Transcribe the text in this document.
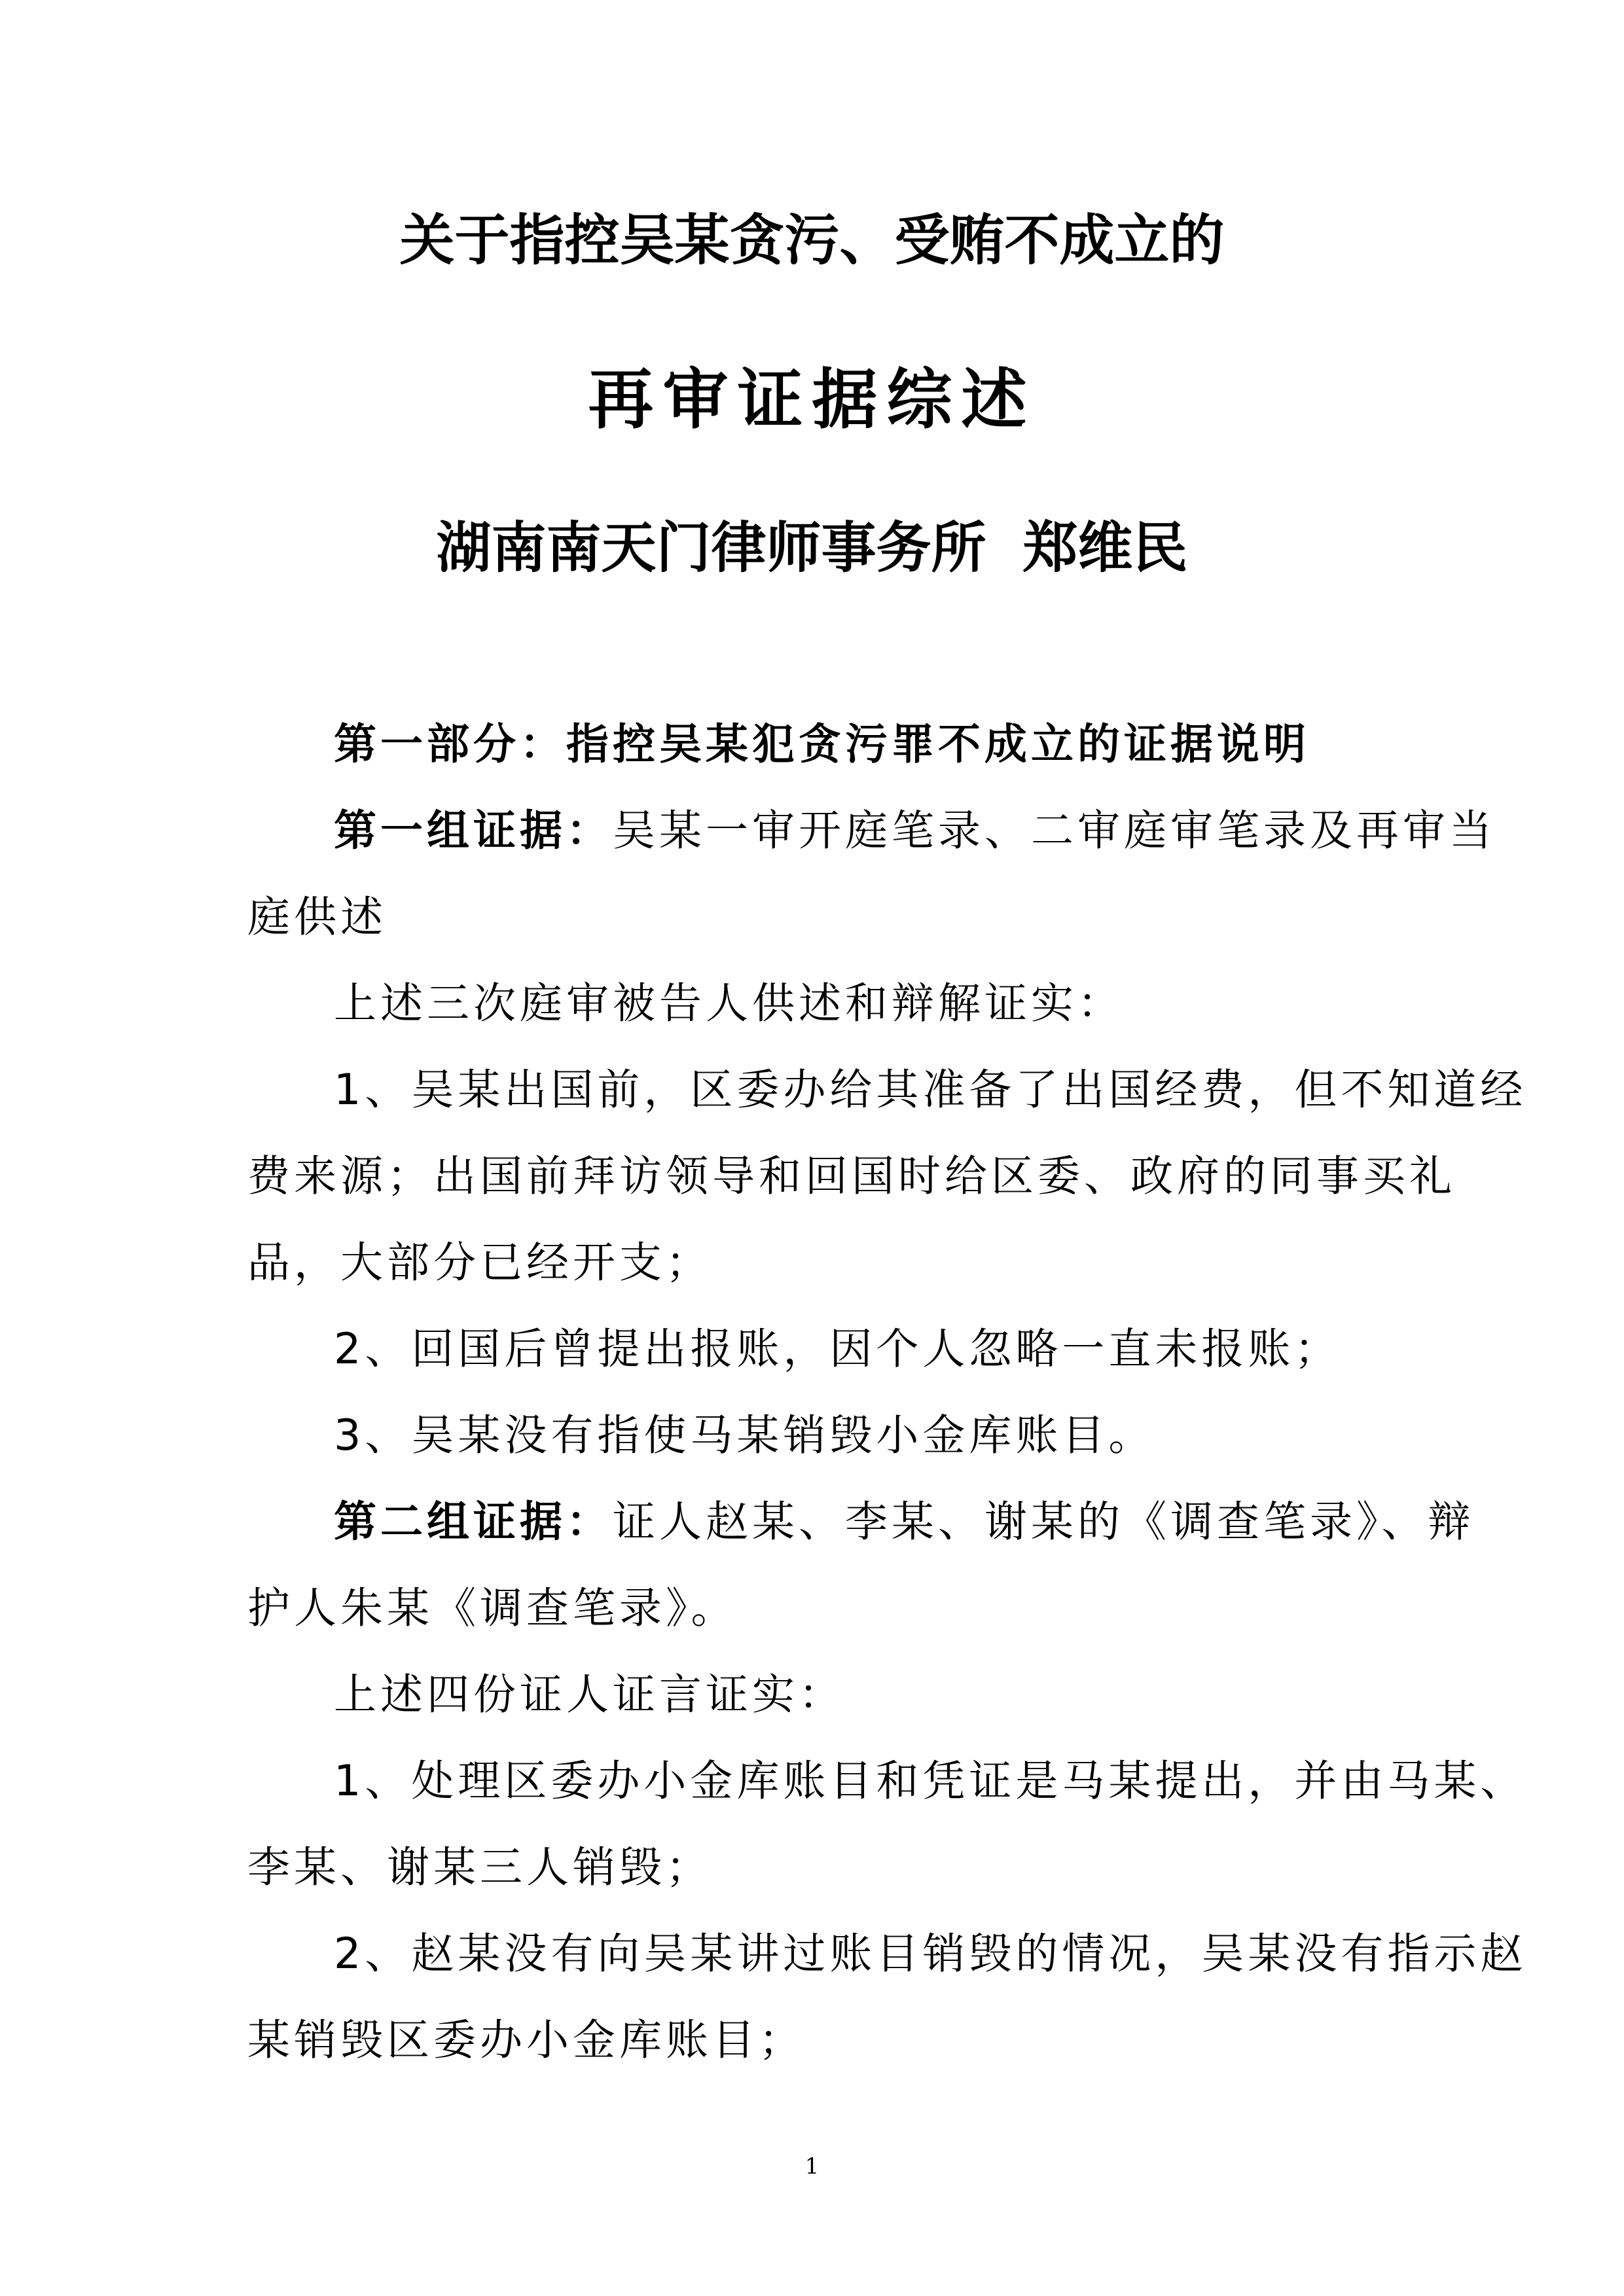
关于指控吴某贪污、受贿不成立的
再审证据综述
湖南南天门律师事务所 郑维民
第一部分：指控吴某犯贪污罪不成立的证据说明
第一组证据：吴某一审开庭笔录、二审庭审笔录及再审当
庭供述
上述三次庭审被告人供述和辩解证实：
1、吴某出国前，区委办给其准备了出国经费，但不知道经
费来源；出国前拜访领导和回国时给区委、政府的同事买礼
品，大部分已经开支；
2、回国后曾提出报账，因个人忽略一直未报账；
3、吴某没有指使马某销毁小金库账目。
第二组证据：证人赵某、李某、谢某的《调查笔录》、辩
护人朱某《调查笔录》。
上述四份证人证言证实：
1、处理区委办小金库账目和凭证是马某提出，并由马某、
李某、谢某三人销毁；
2、赵某没有向吴某讲过账目销毁的情况，吴某没有指示赵
某销毁区委办小金库账目；
1
